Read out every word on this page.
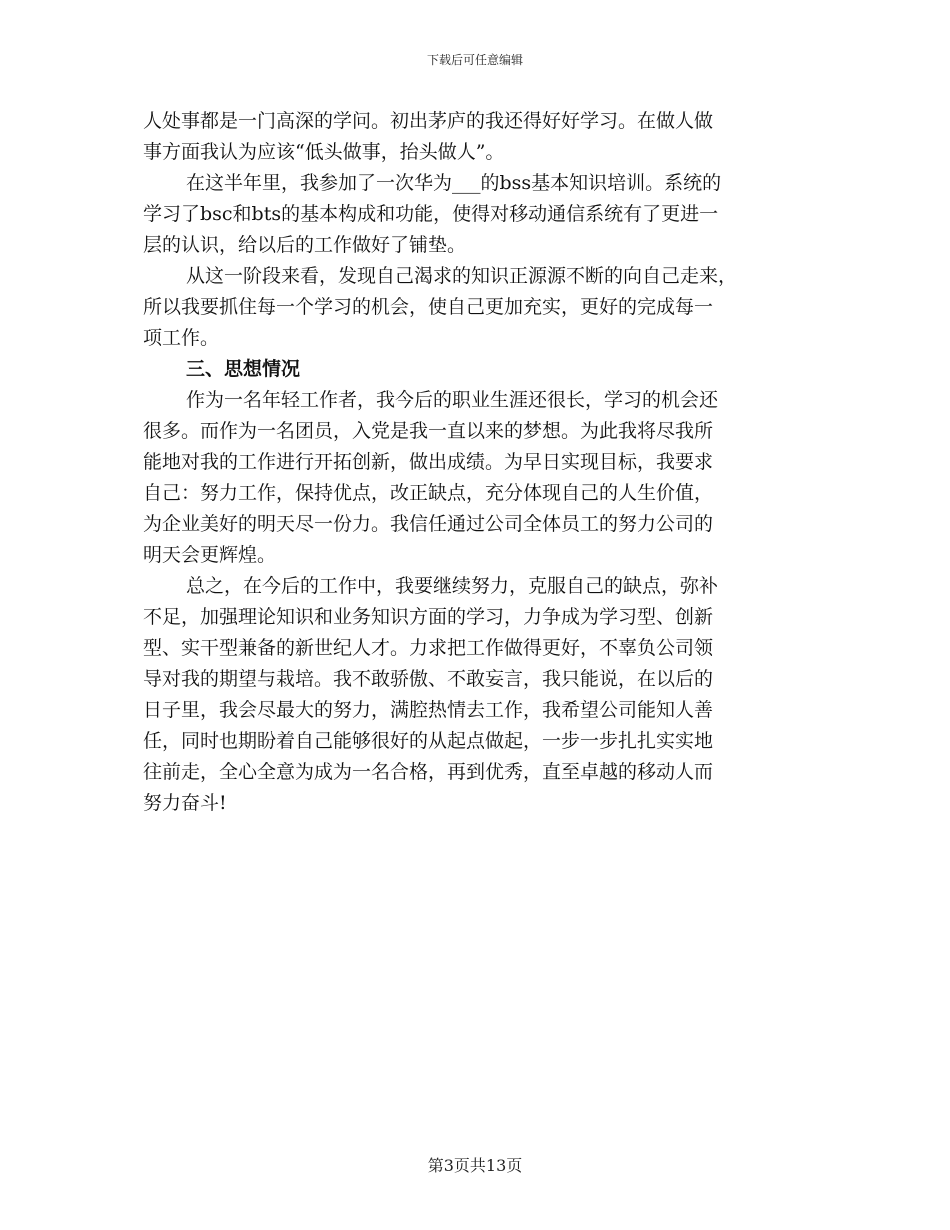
下载后可任意编辑
人处事都是一门高深的学问。初出茅庐的我还得好好学习。在做人做
事方面我认为应该“低头做事，抬头做人”。
在这半年里，我参加了一次华为___的bss基本知识培训。系统的
学习了bsc和bts的基本构成和功能，使得对移动通信系统有了更进一
层的认识，给以后的工作做好了铺垫。
从这一阶段来看，发现自己渴求的知识正源源不断的向自己走来，
所以我要抓住每一个学习的机会，使自己更加充实，更好的完成每一
项工作。
三、思想情况
作为一名年轻工作者，我今后的职业生涯还很长，学习的机会还
很多。而作为一名团员，入党是我一直以来的梦想。为此我将尽我所
能地对我的工作进行开拓创新，做出成绩。为早日实现目标，我要求
自己：努力工作，保持优点，改正缺点，充分体现自己的人生价值，
为企业美好的明天尽一份力。我信任通过公司全体员工的努力公司的
明天会更辉煌。
总之，在今后的工作中，我要继续努力，克服自己的缺点，弥补
不足，加强理论知识和业务知识方面的学习，力争成为学习型、创新
型、实干型兼备的新世纪人才。力求把工作做得更好，不辜负公司领
导对我的期望与栽培。我不敢骄傲、不敢妄言，我只能说，在以后的
日子里，我会尽最大的努力，满腔热情去工作，我希望公司能知人善
任，同时也期盼着自己能够很好的从起点做起，一步一步扎扎实实地
往前走，全心全意为成为一名合格，再到优秀，直至卓越的移动人而
努力奋斗!
第3页共13页
